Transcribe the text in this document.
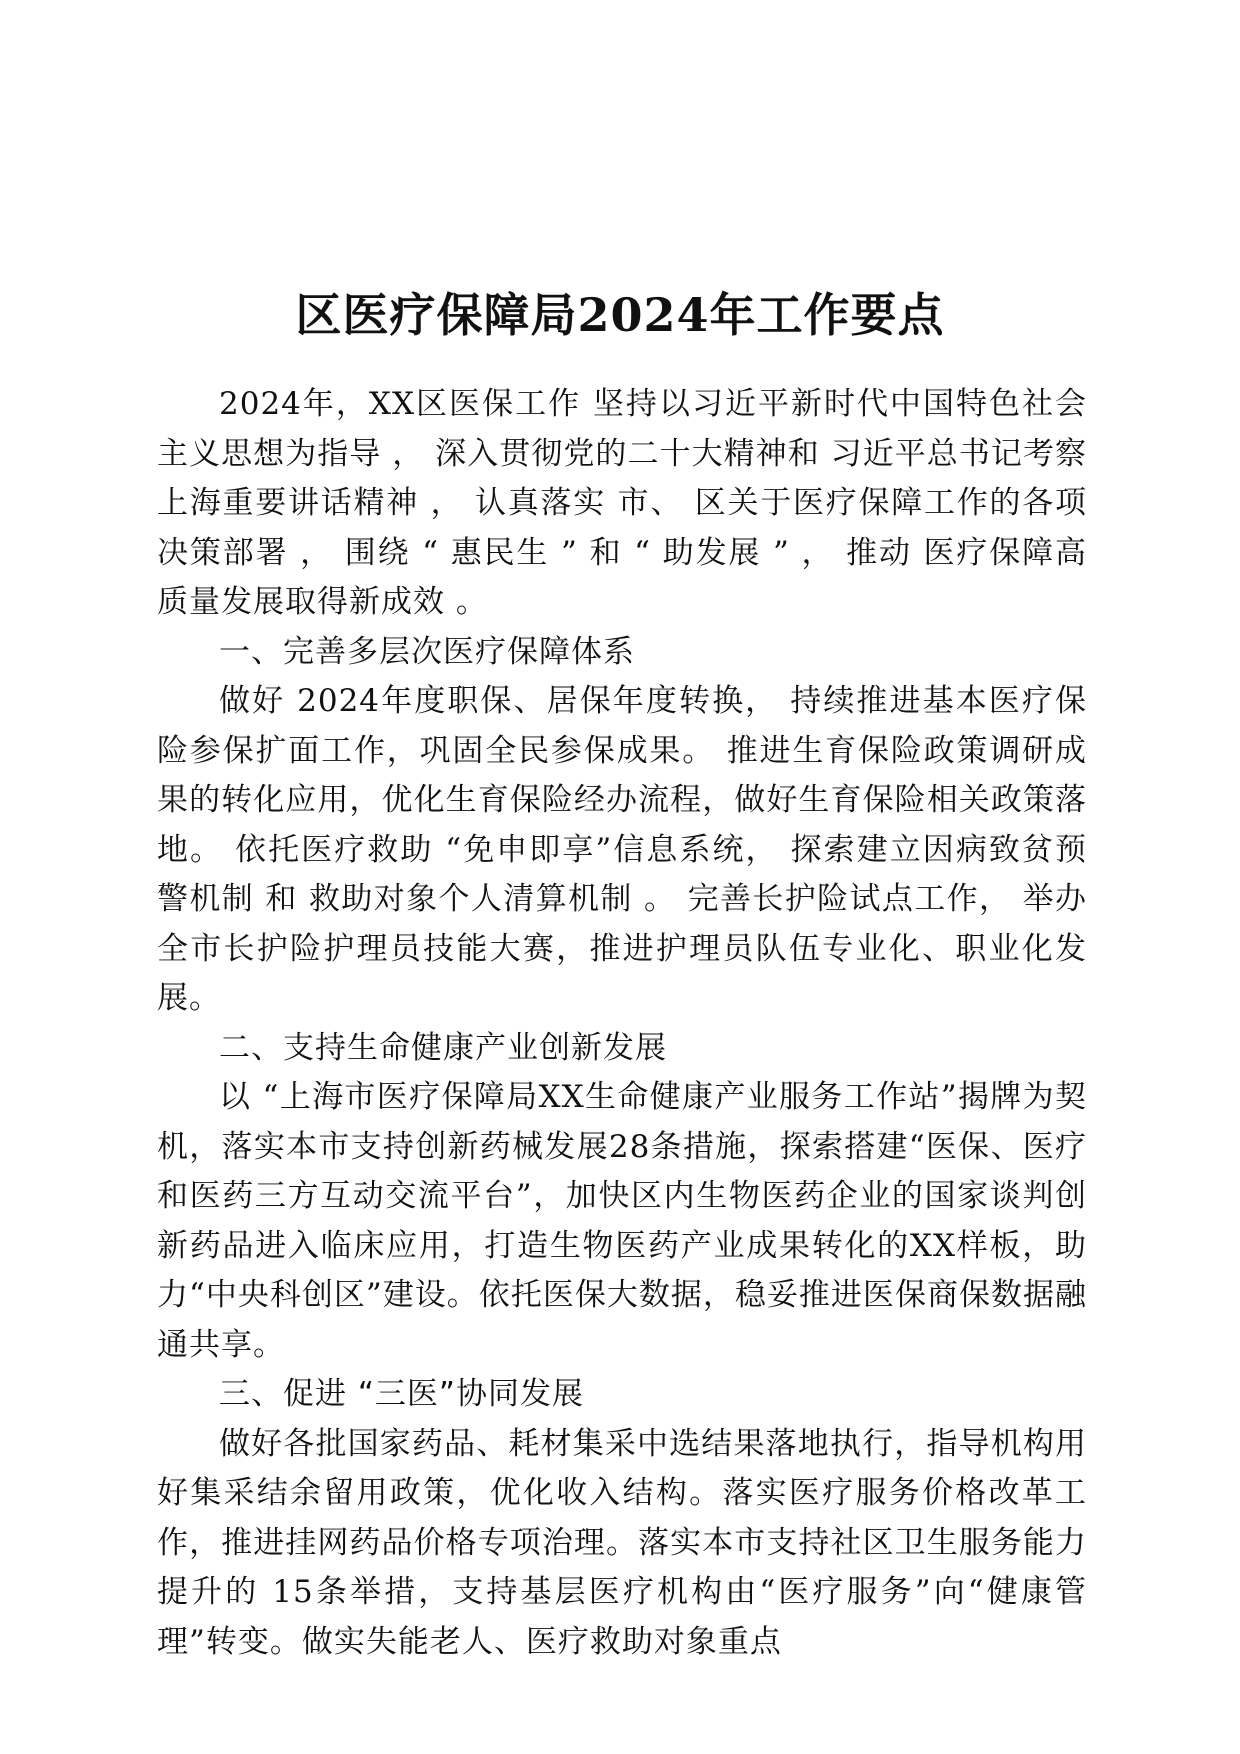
区医疗保障局2024年工作要点

2024年，XX区医保工作 坚持以习近平新时代中国特色社会主义思想为指导 ， 深入贯彻党的二十大精神和 习近平总书记考察上海重要讲话精神 ， 认真落实 市、 区关于医疗保障工作的各项决策部署 ， 围绕 “ 惠民生 ” 和 “ 助发展 ” ， 推动 医疗保障高质量发展取得新成效 。

一、完善多层次医疗保障体系

做好 2024年度职保、居保年度转换， 持续推进基本医疗保险参保扩面工作，巩固全民参保成果。 推进生育保险政策调研成果的转化应用，优化生育保险经办流程，做好生育保险相关政策落地。 依托医疗救助 “免申即享”信息系统， 探索建立因病致贫预警机制 和 救助对象个人清算机制 。 完善长护险试点工作， 举办全市长护险护理员技能大赛，推进护理员队伍专业化、职业化发展。

二、支持生命健康产业创新发展

以 “上海市医疗保障局XX生命健康产业服务工作站”揭牌为契机，落实本市支持创新药械发展28条措施，探索搭建“医保、医疗和医药三方互动交流平台”，加快区内生物医药企业的国家谈判创新药品进入临床应用，打造生物医药产业成果转化的XX样板，助力“中央科创区”建设。依托医保大数据，稳妥推进医保商保数据融通共享。

三、促进 “三医”协同发展

做好各批国家药品、耗材集采中选结果落地执行，指导机构用好集采结余留用政策，优化收入结构。落实医疗服务价格改革工作，推进挂网药品价格专项治理。落实本市支持社区卫生服务能力提升的 15条举措，支持基层医疗机构由“医疗服务”向“健康管理”转变。做实失能老人、医疗救助对象重点
